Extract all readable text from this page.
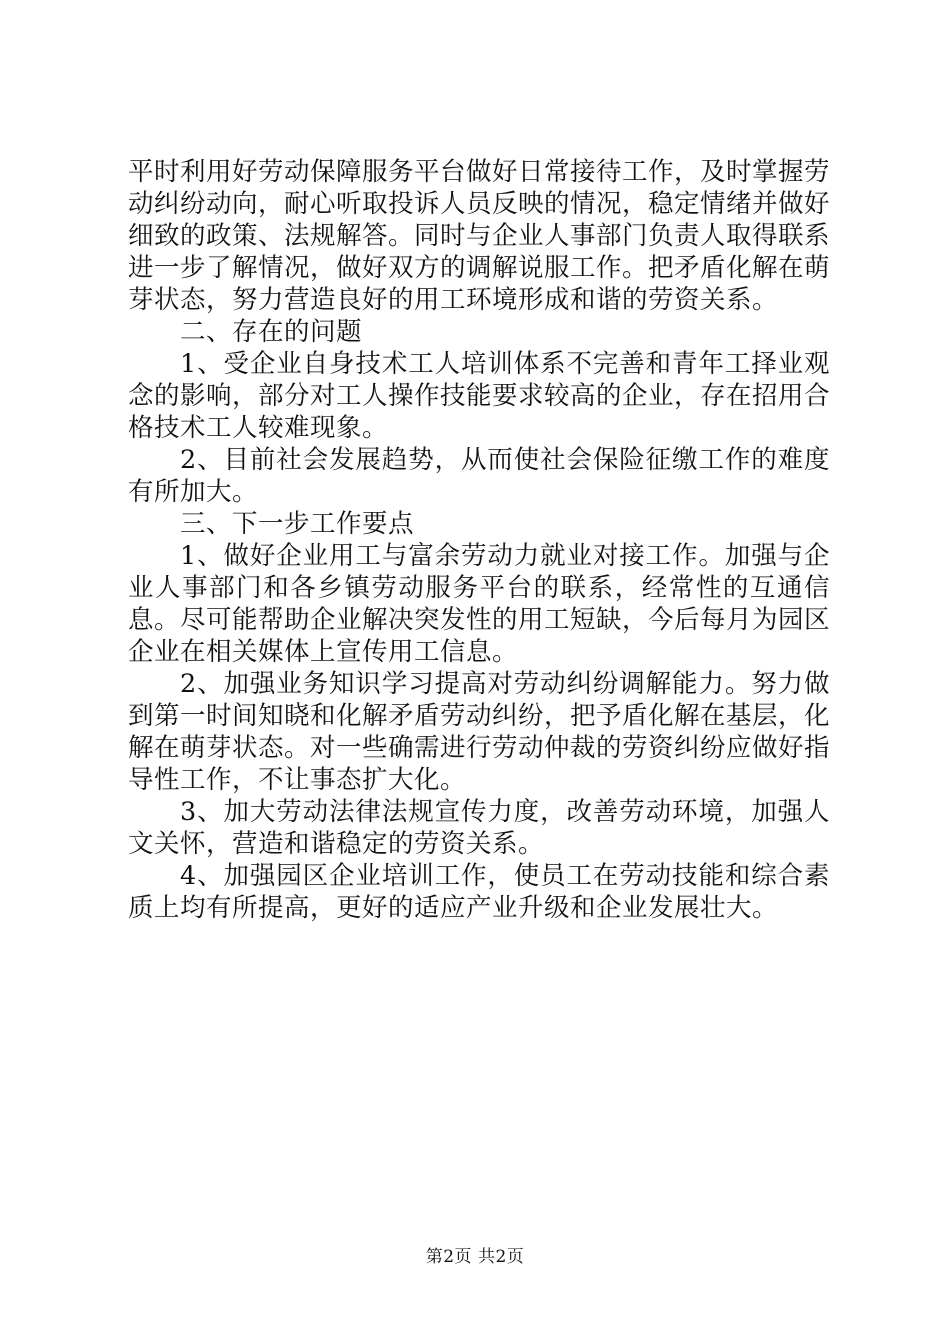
平时利用好劳动保障服务平台做好日常接待工作，及时掌握劳动纠纷动向，耐心听取投诉人员反映的情况，稳定情绪并做好细致的政策、法规解答。同时与企业人事部门负责人取得联系进一步了解情况，做好双方的调解说服工作。把矛盾化解在萌芽状态，努力营造良好的用工环境形成和谐的劳资关系。

二、存在的问题

1、受企业自身技术工人培训体系不完善和青年工择业观念的影响，部分对工人操作技能要求较高的企业，存在招用合格技术工人较难现象。

2、目前社会发展趋势，从而使社会保险征缴工作的难度有所加大。

三、下一步工作要点

1、做好企业用工与富余劳动力就业对接工作。加强与企业人事部门和各乡镇劳动服务平台的联系，经常性的互通信息。尽可能帮助企业解决突发性的用工短缺，今后每月为园区企业在相关媒体上宣传用工信息。

2、加强业务知识学习提高对劳动纠纷调解能力。努力做到第一时间知晓和化解矛盾劳动纠纷，把予盾化解在基层，化解在萌芽状态。对一些确需进行劳动仲裁的劳资纠纷应做好指导性工作，不让事态扩大化。

3、加大劳动法律法规宣传力度，改善劳动环境，加强人文关怀，营造和谐稳定的劳资关系。

4、加强园区企业培训工作，使员工在劳动技能和综合素质上均有所提高，更好的适应产业升级和企业发展壮大。

第2页 共2页
